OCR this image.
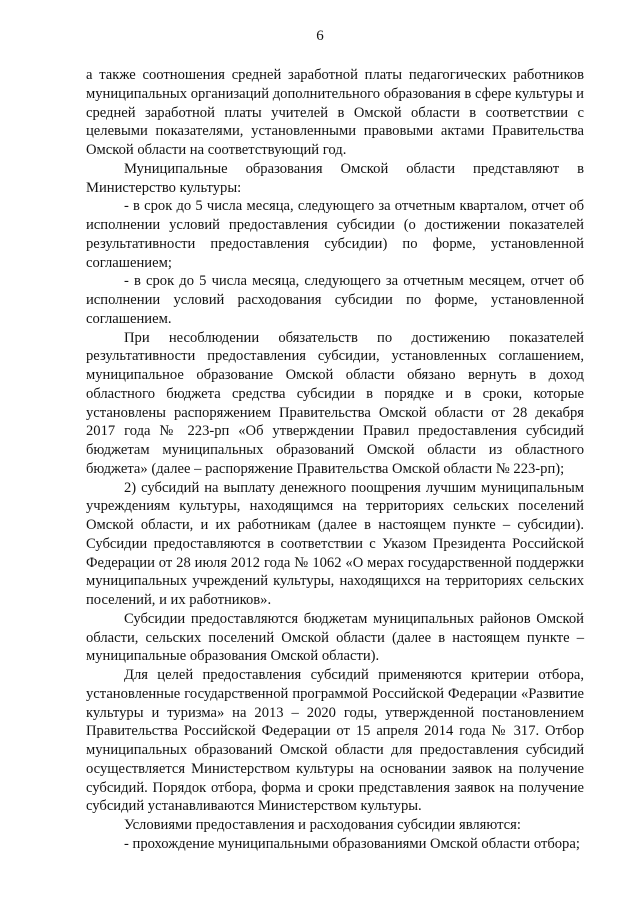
6

а также соотношения средней заработной платы педагогических работников муниципальных организаций дополнительного образования в сфере культуры и средней заработной платы учителей в Омской области в соответствии с целевыми показателями, установленными правовыми актами Правительства Омской области на соответствующий год.

Муниципальные образования Омской области представляют в Министерство культуры:

- в срок до 5 числа месяца, следующего за отчетным кварталом, отчет об исполнении условий предоставления субсидии (о достижении показателей результативности предоставления субсидии) по форме, установленной соглашением;

- в срок до 5 числа месяца, следующего за отчетным месяцем, отчет об исполнении условий расходования субсидии по форме, установленной соглашением.

При несоблюдении обязательств по достижению показателей результативности предоставления субсидии, установленных соглашением, муниципальное образование Омской области обязано вернуть в доход областного бюджета средства субсидии в порядке и в сроки, которые установлены распоряжением Правительства Омской области от 28 декабря 2017 года № 223-рп «Об утверждении Правил предоставления субсидий бюджетам муниципальных образований Омской области из областного бюджета» (далее – распоряжение Правительства Омской области № 223-рп);

2) субсидий на выплату денежного поощрения лучшим муниципальным учреждениям культуры, находящимся на территориях сельских поселений Омской области, и их работникам (далее в настоящем пункте – субсидии). Субсидии предоставляются в соответствии с Указом Президента Российской Федерации от 28 июля 2012 года № 1062 «О мерах государственной поддержки муниципальных учреждений культуры, находящихся на территориях сельских поселений, и их работников».

Субсидии предоставляются бюджетам муниципальных районов Омской области, сельских поселений Омской области (далее в настоящем пункте – муниципальные образования Омской области).

Для целей предоставления субсидий применяются критерии отбора, установленные государственной программой Российской Федерации «Развитие культуры и туризма» на 2013 – 2020 годы, утвержденной постановлением Правительства Российской Федерации от 15 апреля 2014 года № 317. Отбор муниципальных образований Омской области для предоставления субсидий осуществляется Министерством культуры на основании заявок на получение субсидий. Порядок отбора, форма и сроки представления заявок на получение субсидий устанавливаются Министерством культуры.

Условиями предоставления и расходования субсидии являются:

- прохождение муниципальными образованиями Омской области отбора;
